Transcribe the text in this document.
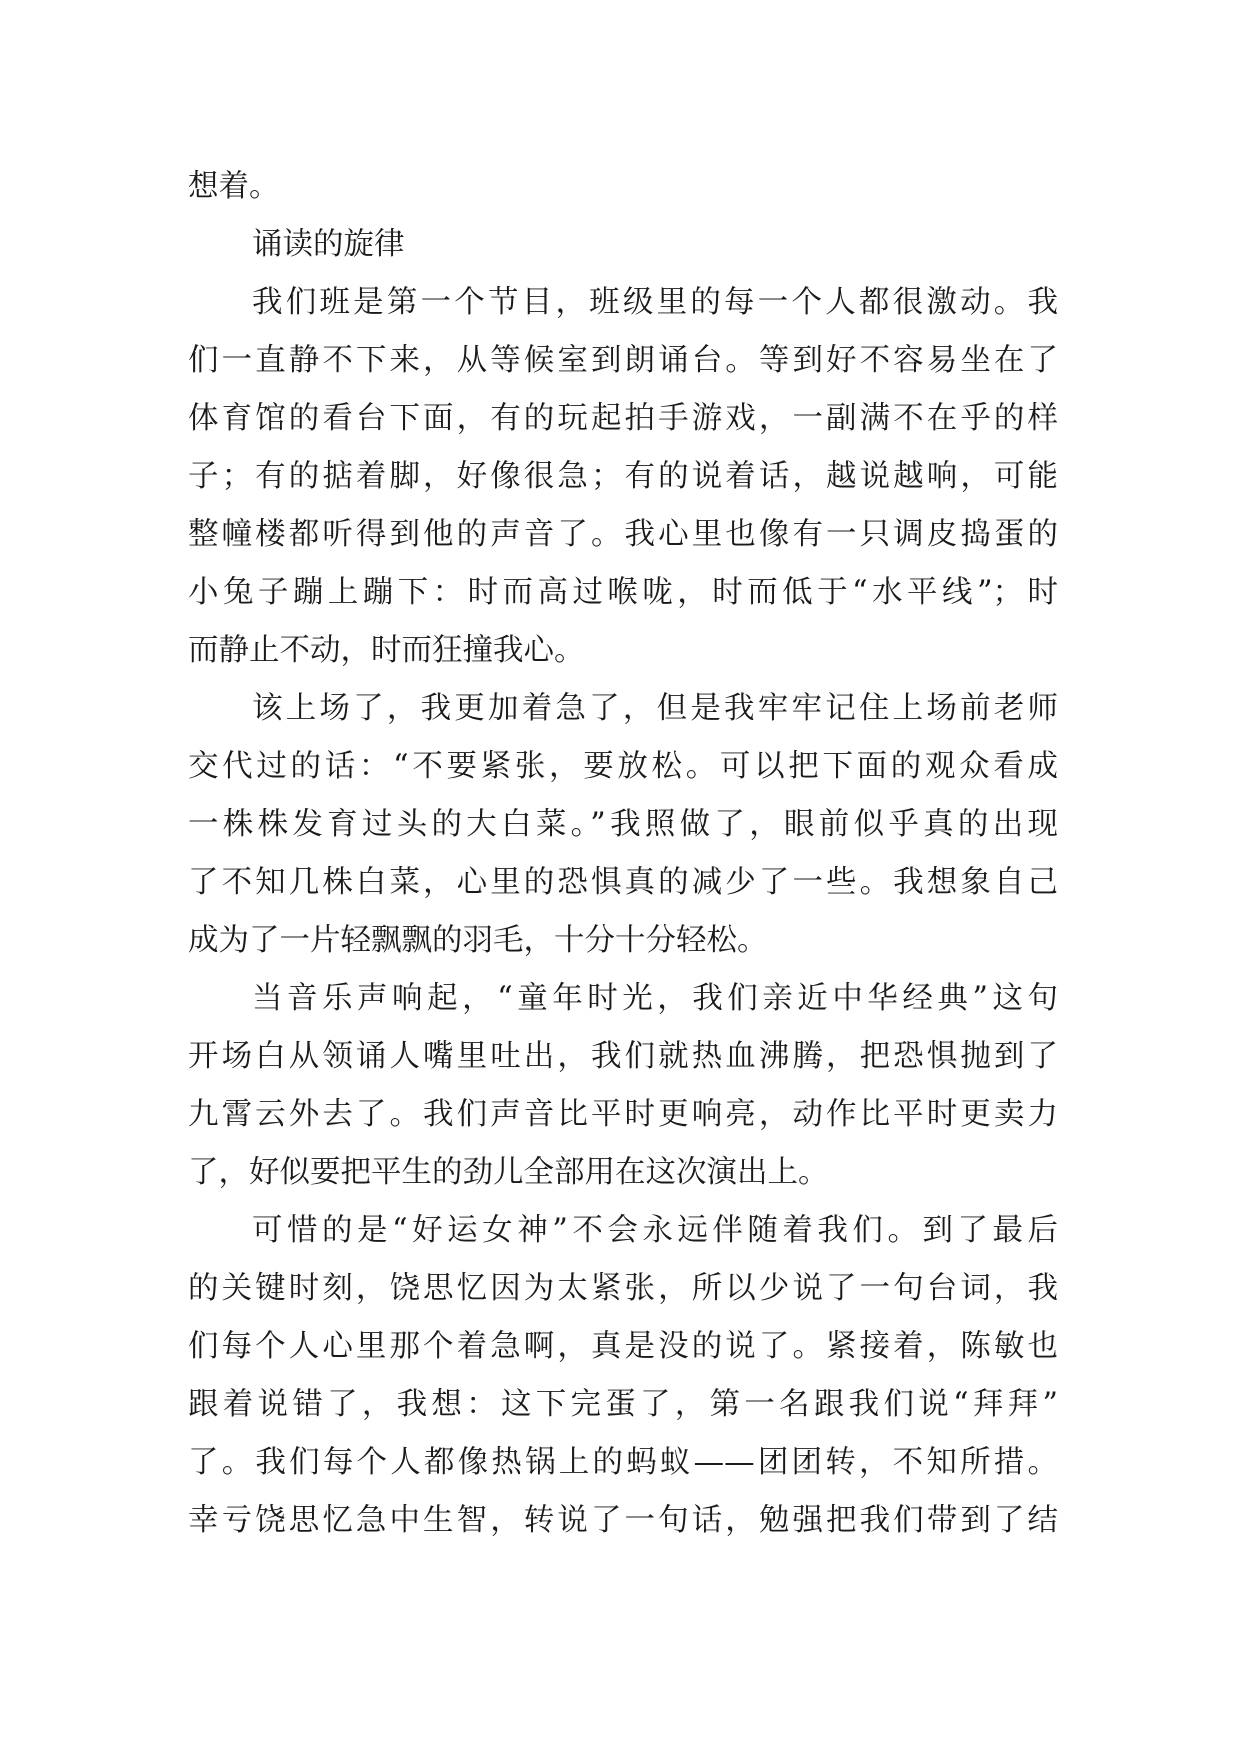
想着。
诵读的旋律
我们班是第一个节目，班级里的每一个人都很激动。我
们一直静不下来，从等候室到朗诵台。等到好不容易坐在了
体育馆的看台下面，有的玩起拍手游戏，一副满不在乎的样
子；有的掂着脚，好像很急；有的说着话，越说越响，可能
整幢楼都听得到他的声音了。我心里也像有一只调皮捣蛋的
小兔子蹦上蹦下：时而高过喉咙，时而低于“水平线”；时
而静止不动，时而狂撞我心。
该上场了，我更加着急了，但是我牢牢记住上场前老师
交代过的话：“不要紧张，要放松。可以把下面的观众看成
一株株发育过头的大白菜。”我照做了，眼前似乎真的出现
了不知几株白菜，心里的恐惧真的减少了一些。我想象自己
成为了一片轻飘飘的羽毛，十分十分轻松。
当音乐声响起，“童年时光，我们亲近中华经典”这句
开场白从领诵人嘴里吐出，我们就热血沸腾，把恐惧抛到了
九霄云外去了。我们声音比平时更响亮，动作比平时更卖力
了，好似要把平生的劲儿全部用在这次演出上。
可惜的是“好运女神”不会永远伴随着我们。到了最后
的关键时刻，饶思忆因为太紧张，所以少说了一句台词，我
们每个人心里那个着急啊，真是没的说了。紧接着，陈敏也
跟着说错了，我想：这下完蛋了，第一名跟我们说“拜拜”
了。我们每个人都像热锅上的蚂蚁——团团转，不知所措。
幸亏饶思忆急中生智，转说了一句话，勉强把我们带到了结
